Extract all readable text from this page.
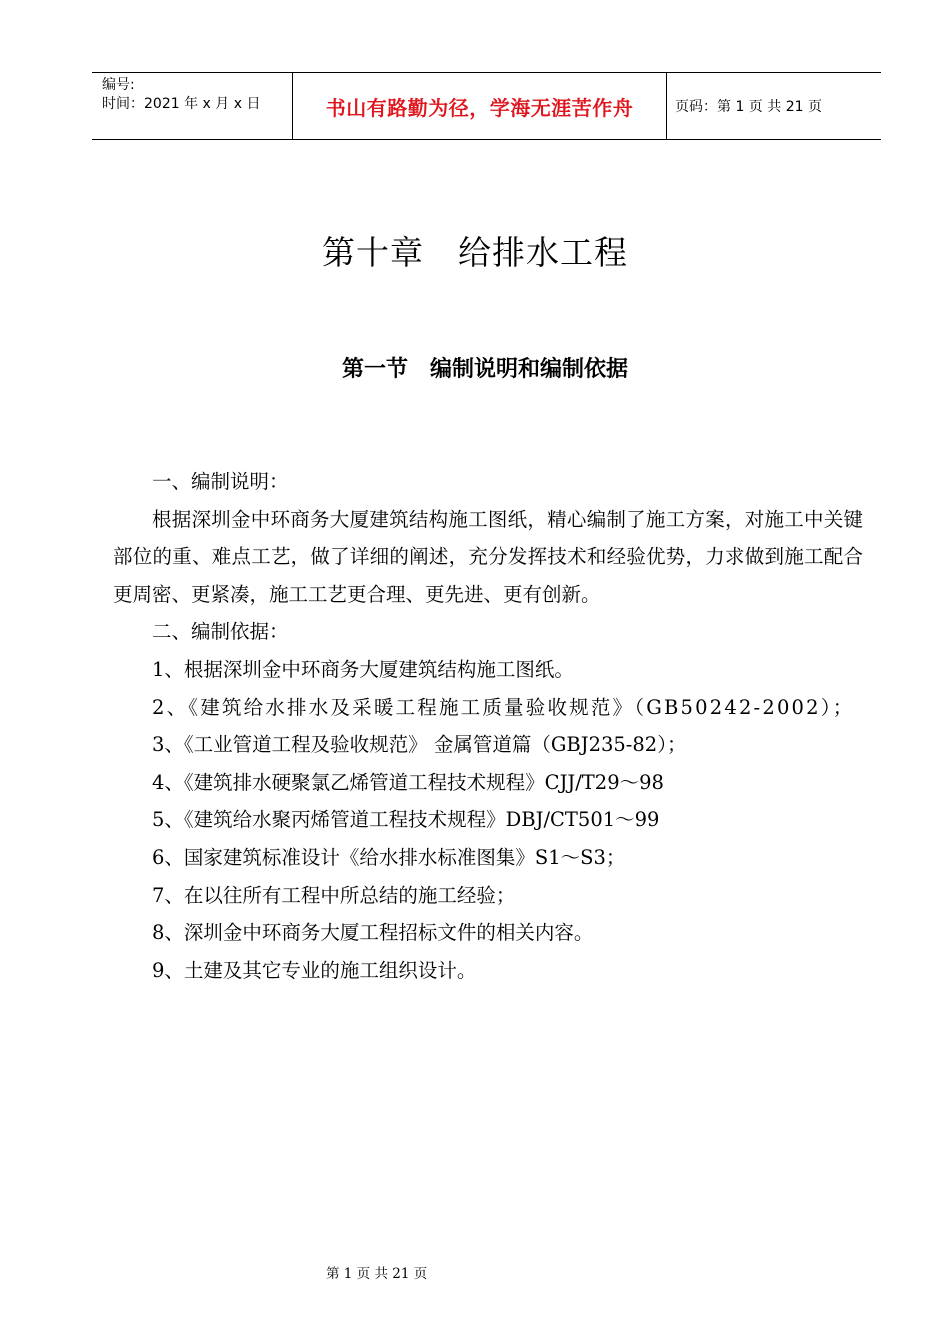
编号:
时间：2021 年 x 月 x 日	书山有路勤为径，学海无涯苦作舟	页码：第 1 页 共 21 页
第十章　给排水工程
第一节　编制说明和编制依据

一、编制说明：

根据深圳金中环商务大厦建筑结构施工图纸，精心编制了施工方案，对施工中关键部位的重、难点工艺，做了详细的阐述，充分发挥技术和经验优势，力求做到施工配合更周密、更紧凑，施工工艺更合理、更先进、更有创新。

二、编制依据：

1、根据深圳金中环商务大厦建筑结构施工图纸。

2、《建筑给水排水及采暖工程施工质量验收规范》（GB50242-2002）；

3、《工业管道工程及验收规范》 金属管道篇（GBJ235-82）；

4、《建筑排水硬聚氯乙烯管道工程技术规程》CJJ/T29～98

5、《建筑给水聚丙烯管道工程技术规程》DBJ/CT501～99

6、国家建筑标准设计《给水排水标准图集》S1～S3；

7、在以往所有工程中所总结的施工经验；

8、深圳金中环商务大厦工程招标文件的相关内容。

9、土建及其它专业的施工组织设计。

第 1 页 共 21 页
